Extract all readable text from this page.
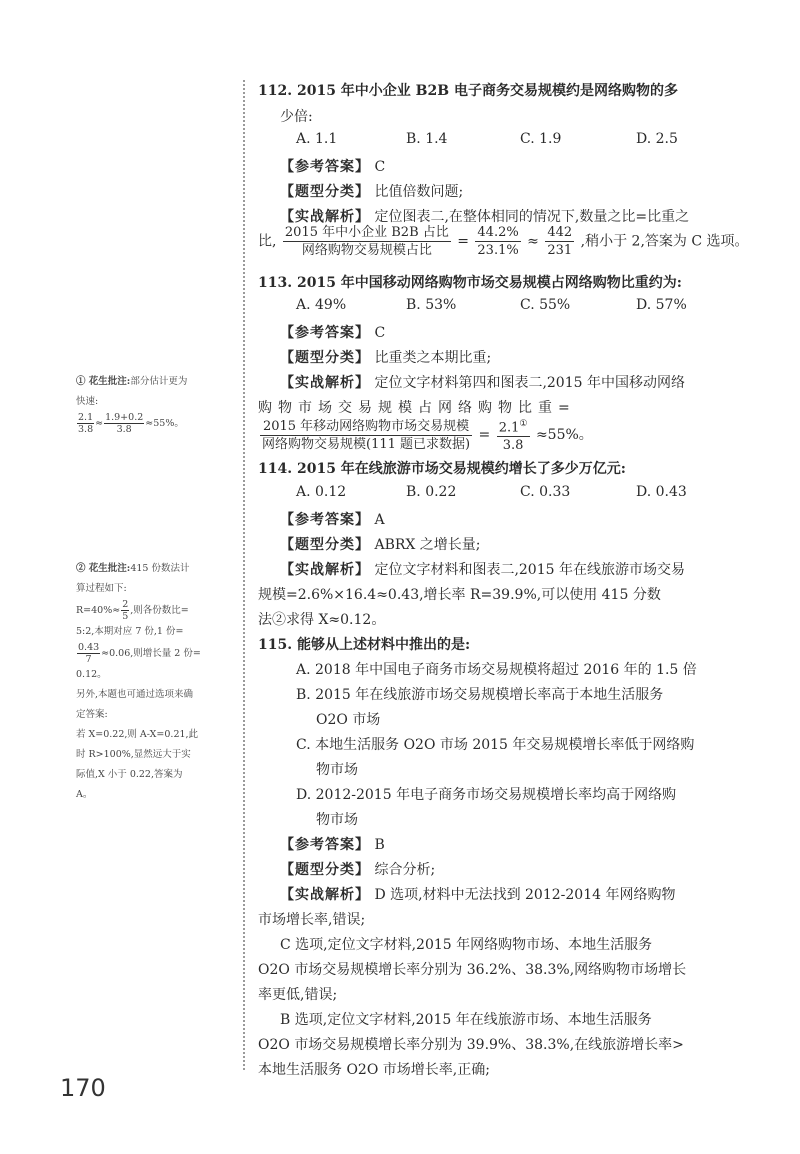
112. 2015 年中小企业 B2B 电子商务交易规模约是网络购物的多
少倍:
A. 1.1	B. 1.4	C. 1.9	D. 2.5
【参考答案】 C
【题型分类】 比值倍数问题;
【实战解析】 定位图表二,在整体相同的情况下,数量之比=比重之
比, $\frac{\text{2015 年中小企业 B2B 占比}}{\text{网络购物交易规模占比}} = \frac{44.2\%}{23.1\%} \approx \frac{442}{231}$ ,稍小于 2,答案为 C 选项。
113. 2015 年中国移动网络购物市场交易规模占网络购物比重约为:
A. 49%	B. 53%	C. 55%	D. 57%
【参考答案】 C
【题型分类】 比重类之本期比重;
【实战解析】 定位文字材料第四和图表二,2015 年中国移动网络
购物市场交易规模占网络购物比重=
$\frac{\text{2015 年移动网络购物市场交易规模}}{\text{网络购物交易规模(111 题已求数据)}} = \frac{2.1^①}{3.8} \approx 55\%$。
114. 2015 年在线旅游市场交易规模约增长了多少万亿元:
A. 0.12	B. 0.22	C. 0.33	D. 0.43
【参考答案】 A
【题型分类】 ABRX 之增长量;
【实战解析】 定位文字材料和图表二,2015 年在线旅游市场交易
规模=2.6%×16.4≈0.43,增长率 R=39.9%,可以使用 415 分数
法②求得 X≈0.12。
115. 能够从上述材料中推出的是:
A. 2018 年中国电子商务市场交易规模将超过 2016 年的 1.5 倍
B. 2015 年在线旅游市场交易规模增长率高于本地生活服务
O2O 市场
C. 本地生活服务 O2O 市场 2015 年交易规模增长率低于网络购
物市场
D. 2012-2015 年电子商务市场交易规模增长率均高于网络购
物市场
【参考答案】 B
【题型分类】 综合分析;
【实战解析】 D 选项,材料中无法找到 2012-2014 年网络购物
市场增长率,错误;
C 选项,定位文字材料,2015 年网络购物市场、本地生活服务
O2O 市场交易规模增长率分别为 36.2%、38.3%,网络购物市场增长
率更低,错误;
B 选项,定位文字材料,2015 年在线旅游市场、本地生活服务
O2O 市场交易规模增长率分别为 39.9%、38.3%,在线旅游增长率>
本地生活服务 O2O 市场增长率,正确;
① 花生批注:部分估计更为
快速:
$\frac{2.1}{3.8} \approx \frac{1.9+0.2}{3.8} \approx 55\%$。
② 花生批注:415 份数法计
算过程如下:
$R=40\%\approx \frac{2}{5}$ ,则各份数比=
5:2,本期对应 7 份,1 份=
$\frac{0.43}{7} \approx 0.06$,则增长量 2 份=
0.12。
另外,本题也可通过选项来确
定答案:
若 X=0.22,则 A-X=0.21,此
时 R>100%,显然远大于实
际值,X 小于 0.22,答案为
A。
170
